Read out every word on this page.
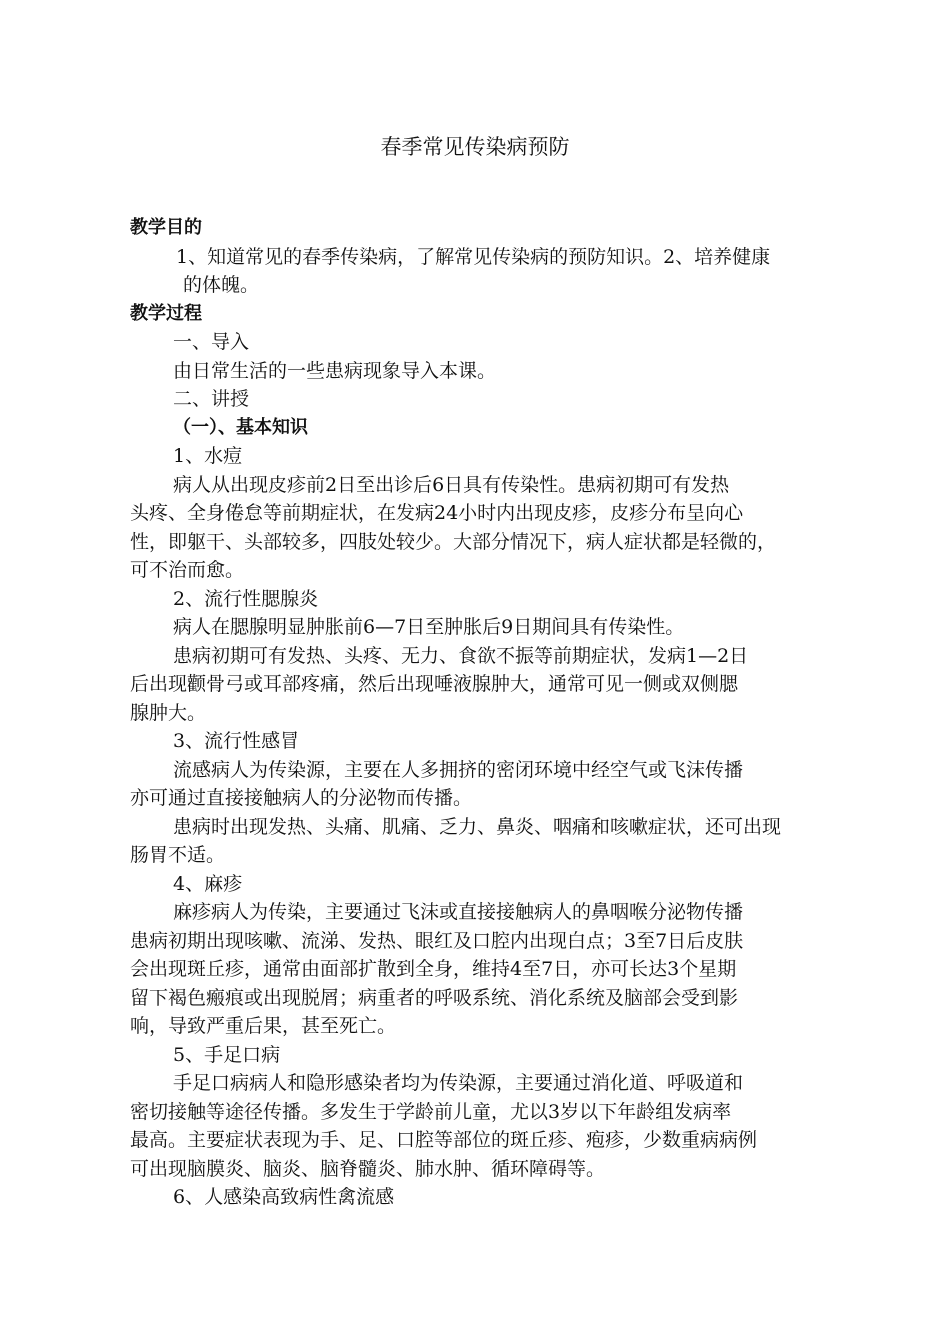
春季常见传染病预防
教学目的
1、知道常见的春季传染病，了解常见传染病的预防知识。2、培养健康
的体魄。
教学过程
一、导入
由日常生活的一些患病现象导入本课。
二、讲授
（一）、基本知识
1、水痘
病人从出现皮疹前2日至出诊后6日具有传染性。患病初期可有发热
头疼、全身倦怠等前期症状，在发病24小时内出现皮疹，皮疹分布呈向心
性，即躯干、头部较多，四肢处较少。大部分情况下，病人症状都是轻微的，
可不治而愈。
2、流行性腮腺炎
病人在腮腺明显肿胀前6—7日至肿胀后9日期间具有传染性。
患病初期可有发热、头疼、无力、食欲不振等前期症状，发病1—2日
后出现颧骨弓或耳部疼痛，然后出现唾液腺肿大，通常可见一侧或双侧腮
腺肿大。
3、流行性感冒
流感病人为传染源，主要在人多拥挤的密闭环境中经空气或飞沫传播
亦可通过直接接触病人的分泌物而传播。
患病时出现发热、头痛、肌痛、乏力、鼻炎、咽痛和咳嗽症状，还可出现
肠胃不适。
4、麻疹
麻疹病人为传染，主要通过飞沫或直接接触病人的鼻咽喉分泌物传播
患病初期出现咳嗽、流涕、发热、眼红及口腔内出现白点；3至7日后皮肤
会出现斑丘疹，通常由面部扩散到全身，维持4至7日，亦可长达3个星期
留下褐色瘢痕或出现脱屑；病重者的呼吸系统、消化系统及脑部会受到影
响，导致严重后果，甚至死亡。
5、手足口病
手足口病病人和隐形感染者均为传染源，主要通过消化道、呼吸道和
密切接触等途径传播。多发生于学龄前儿童，尤以3岁以下年龄组发病率
最高。主要症状表现为手、足、口腔等部位的斑丘疹、疱疹，少数重病病例
可出现脑膜炎、脑炎、脑脊髓炎、肺水肿、循环障碍等。
6、人感染高致病性禽流感
